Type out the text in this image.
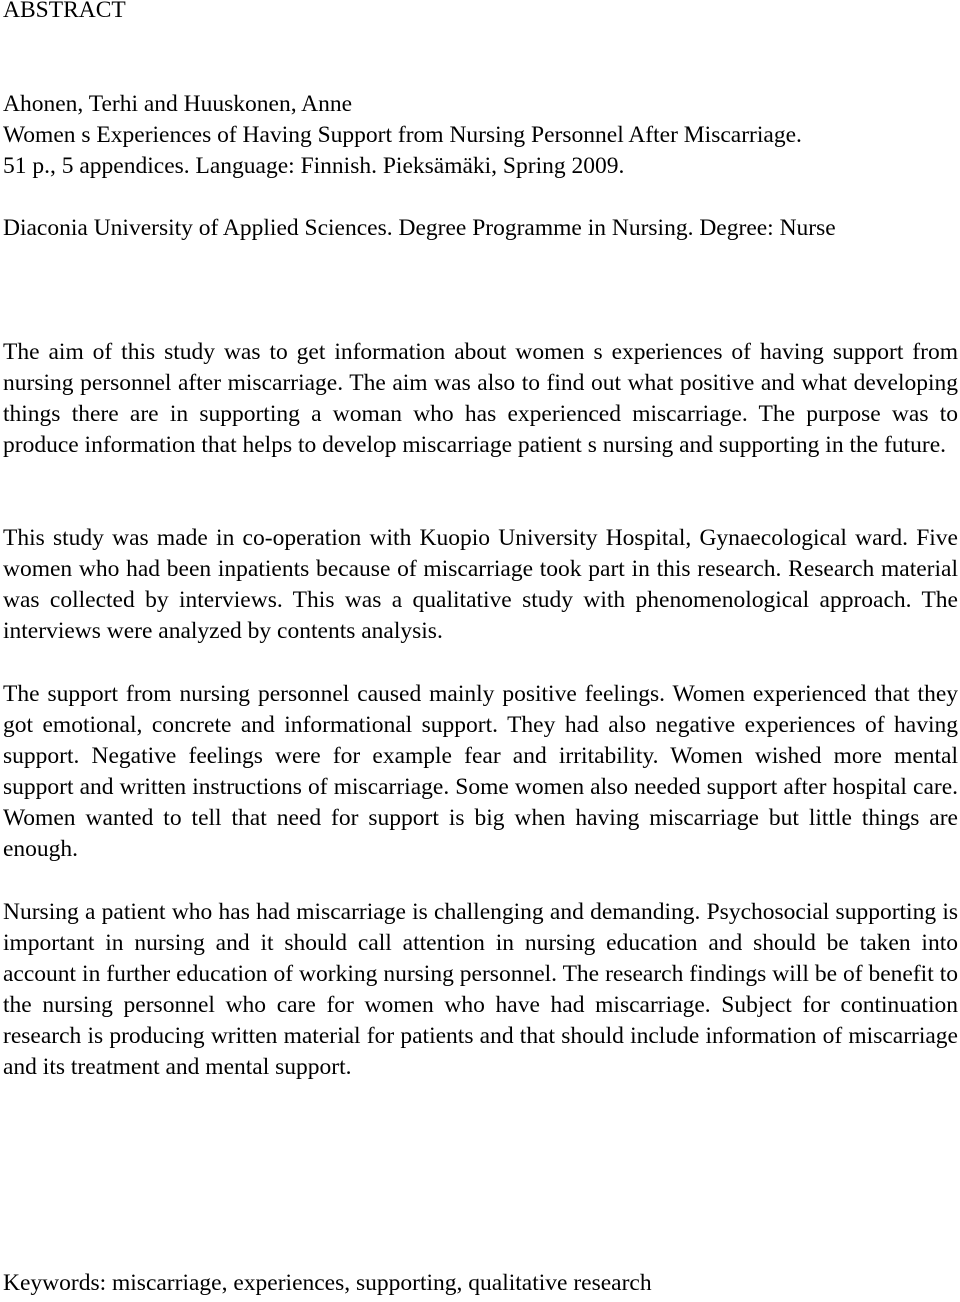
ABSTRACT
Ahonen, Terhi and Huuskonen, Anne
Women s Experiences of Having Support from Nursing Personnel After Miscarriage.
51 p., 5 appendices. Language: Finnish. Pieksämäki, Spring 2009.

Diaconia University of Applied Sciences. Degree Programme in Nursing. Degree: Nurse

The aim of this study was to get information about women s experiences of having support from nursing personnel after miscarriage. The aim was also to find out what positive and what developing things there are in supporting a woman who has experienced miscarriage. The purpose was to produce information that helps to develop miscarriage patient s nursing and supporting in the future.

This study was made in co-operation with Kuopio University Hospital, Gynaecological ward. Five women who had been inpatients because of miscarriage took part in this research. Research material was collected by interviews. This was a qualitative study with phenomenological approach. The interviews were analyzed by contents analysis.

The support from nursing personnel caused mainly positive feelings. Women experienced that they got emotional, concrete and informational support. They had also negative experiences of having support. Negative feelings were for example fear and irritability. Women wished more mental support and written instructions of miscarriage. Some women also needed support after hospital care. Women wanted to tell that need for support is big when having miscarriage but little things are enough.

Nursing a patient who has had miscarriage is challenging and demanding. Psychosocial supporting is important in nursing and it should call attention in nursing education and should be taken into account in further education of working nursing personnel. The research findings will be of benefit to the nursing personnel who care for women who have had miscarriage. Subject for continuation research is producing written material for patients and that should include information of miscarriage and its treatment and mental support.

Keywords: miscarriage, experiences, supporting, qualitative research
